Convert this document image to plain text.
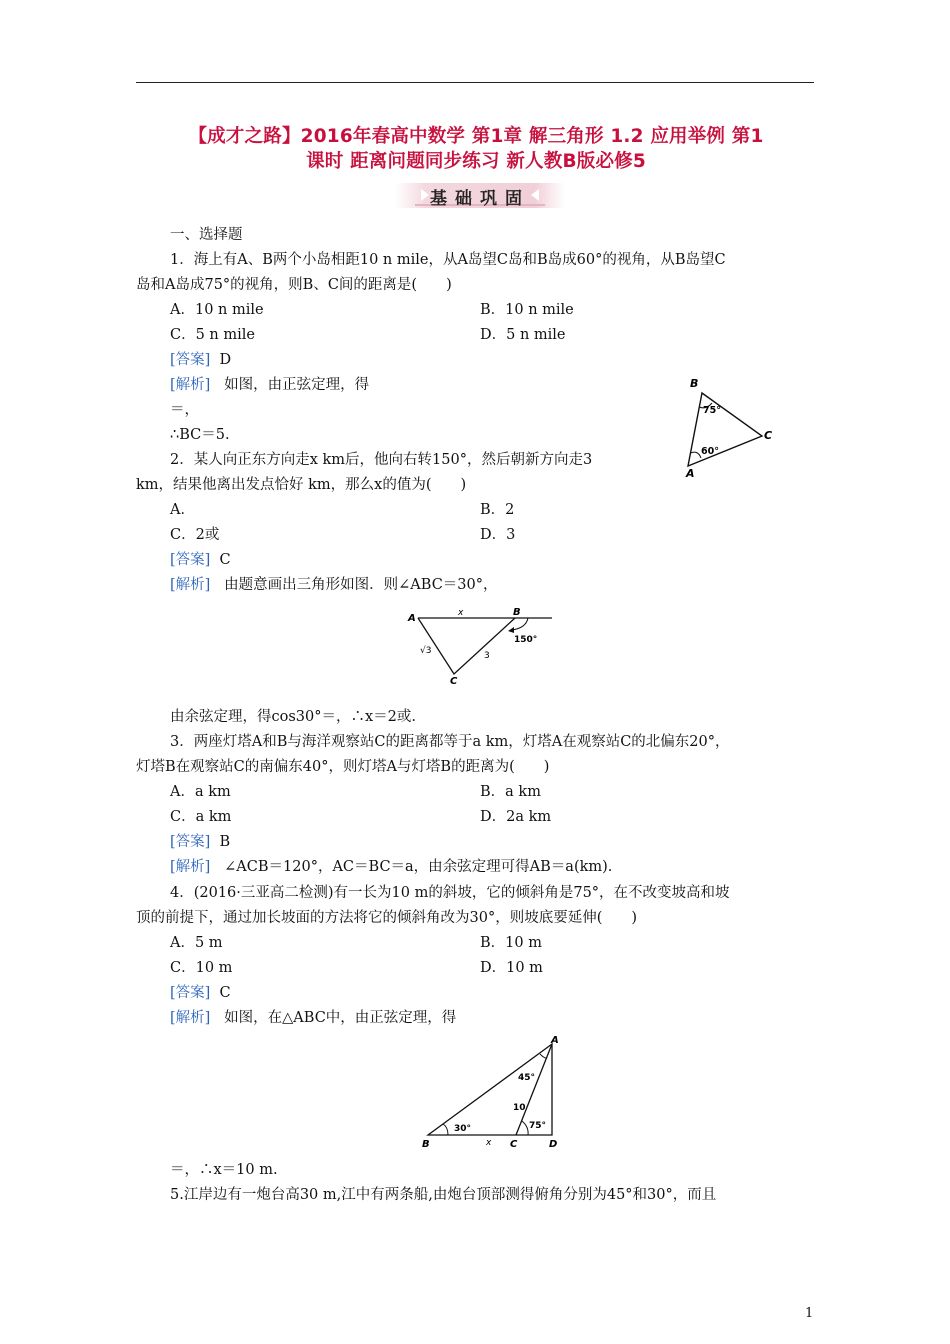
【成才之路】2016年春高中数学 第1章 解三角形 1.2 应用举例 第1
课时 距离问题同步练习 新人教B版必修5
基础巩固
一、选择题
1．海上有A、B两个小岛相距10 n mile，从A岛望C岛和B岛成60°的视角，从B岛望C
岛和A岛成75°的视角，则B、C间的距离是(　　)
A．10 n mile	B．10 n mile
C．5 n mile	D．5 n mile
[答案] D
[解析] 如图，由正弦定理，得
＝，
∴BC＝5.
B
C
A
75°
60°
2．某人向正东方向走x km后，他向右转150°，然后朝新方向走3
km，结果他离出发点恰好 km，那么x的值为(　　)
A．	B．2
C．2或	D．3
[答案] C
[解析] 由题意画出三角形如图．则∠ABC＝30°，
A
B
C
x
150°
3
√3
由余弦定理，得cos30°＝，∴x＝2或.
3．两座灯塔A和B与海洋观察站C的距离都等于a km，灯塔A在观察站C的北偏东20°，
灯塔B在观察站C的南偏东40°，则灯塔A与灯塔B的距离为(　　)
A．a km	B．a km
C．a km	D．2a km
[答案] B
[解析] ∠ACB＝120°，AC＝BC＝a，由余弦定理可得AB＝a(km).
4．(2016·三亚高二检测)有一长为10 m的斜坡，它的倾斜角是75°，在不改变坡高和坡
顶的前提下，通过加长坡面的方法将它的倾斜角改为30°，则坡底要延伸(　　)
A．5 m	B．10 m
C．10 m	D．10 m
[答案] C
[解析] 如图，在△ABC中，由正弦定理，得
A
B	C	D
x
45°
30°	75°
10
＝，∴x＝10 m.
5.江岸边有一炮台高30 m,江中有两条船,由炮台顶部测得俯角分别为45°和30°，而且
1
